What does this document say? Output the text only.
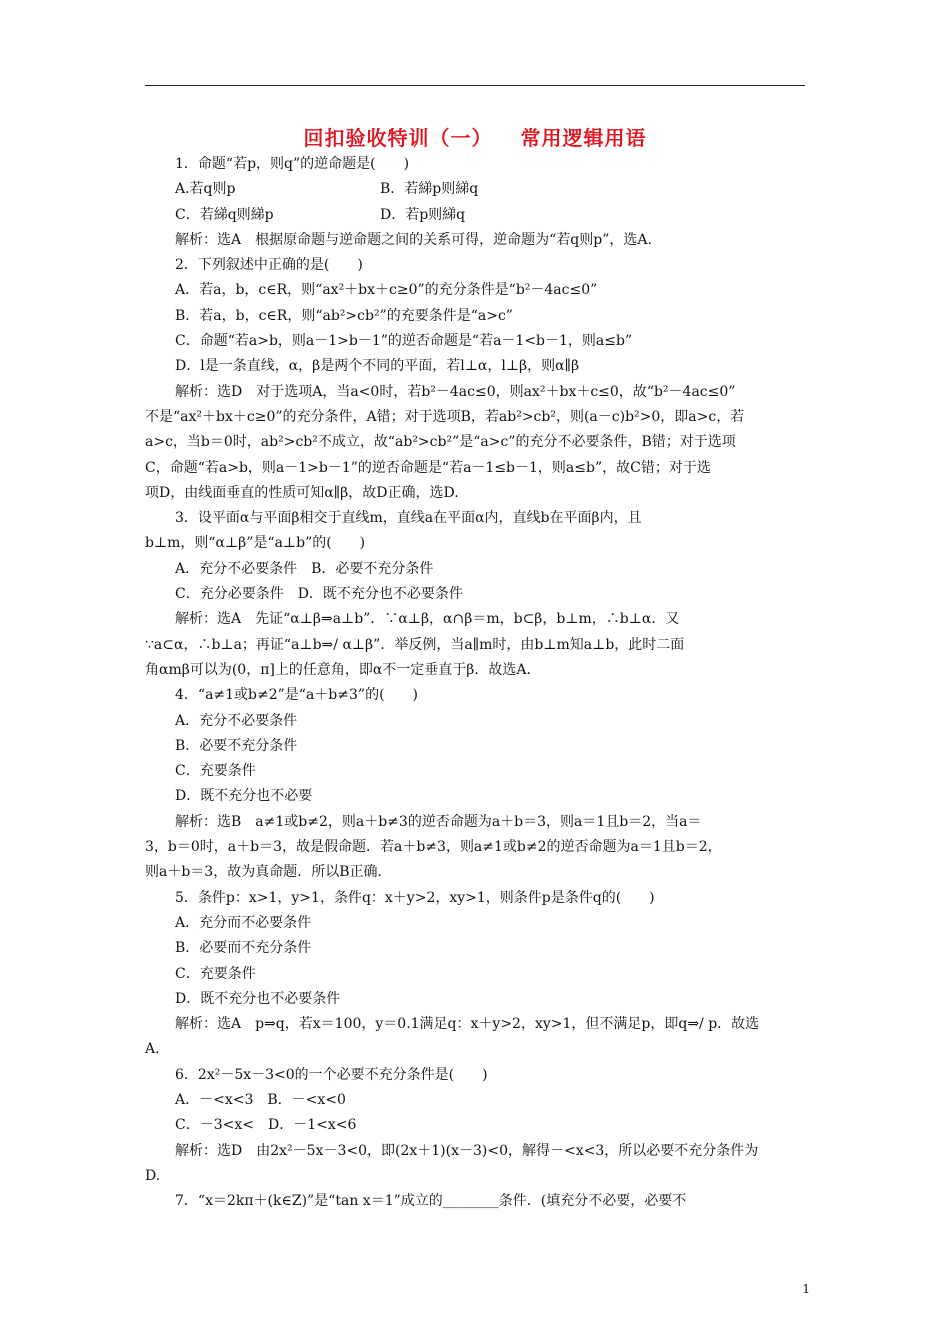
回扣验收特训（一） 常用逻辑用语
1．命题“若p，则q”的逆命题是(　　)
A.若q则p	B．若綈p则綈q
C．若綈q则綈p	D．若p则綈q
解析：选A　根据原命题与逆命题之间的关系可得，逆命题为“若q则p”，选A.
2．下列叙述中正确的是(　　)
A．若a，b，c∈R，则“ax²＋bx＋c≥0”的充分条件是“b²－4ac≤0”
B．若a，b，c∈R，则“ab²>cb²”的充要条件是“a>c”
C．命题“若a>b，则a－1>b－1”的逆否命题是“若a－1<b－1，则a≤b”
D．l是一条直线，α，β是两个不同的平面，若l⊥α，l⊥β，则α∥β
解析：选D　对于选项A，当a<0时，若b²－4ac≤0，则ax²＋bx＋c≤0，故“b²－4ac≤0”
不是“ax²＋bx＋c≥0”的充分条件，A错；对于选项B，若ab²>cb²，则(a－c)b²>0，即a>c，若
a>c，当b＝0时，ab²>cb²不成立，故“ab²>cb²”是“a>c”的充分不必要条件，B错；对于选项
C，命题“若a>b，则a－1>b－1”的逆否命题是“若a－1≤b－1，则a≤b”，故C错；对于选
项D，由线面垂直的性质可知α∥β，故D正确，选D.
3．设平面α与平面β相交于直线m，直线a在平面α内，直线b在平面β内，且
b⊥m，则“α⊥β”是“a⊥b”的(　　)
A．充分不必要条件　B．必要不充分条件
C．充分必要条件　D．既不充分也不必要条件
解析：选A　先证“α⊥β⇒a⊥b”．∵α⊥β，α∩β＝m，b⊂β，b⊥m，∴b⊥α．又
∵a⊂α，∴b⊥a；再证“a⊥b⇒/ α⊥β”．举反例，当a∥m时，由b⊥m知a⊥b，此时二面
角αmβ可以为(0，π]上的任意角，即α不一定垂直于β．故选A.
4．“a≠1或b≠2”是“a＋b≠3”的(　　)
A．充分不必要条件
B．必要不充分条件
C．充要条件
D．既不充分也不必要
解析：选B　a≠1或b≠2，则a＋b≠3的逆否命题为a＋b＝3，则a＝1且b＝2，当a＝
3，b＝0时，a＋b＝3，故是假命题．若a＋b≠3，则a≠1或b≠2的逆否命题为a＝1且b＝2，
则a＋b＝3，故为真命题．所以B正确．
5．条件p：x>1，y>1，条件q：x＋y>2，xy>1，则条件p是条件q的(　　)
A．充分而不必要条件
B．必要而不充分条件
C．充要条件
D．既不充分也不必要条件
解析：选A　p⇒q，若x＝100，y＝0.1满足q：x＋y>2，xy>1，但不满足p，即q⇒/ p．故选
A.
6．2x²－5x－3<0的一个必要不充分条件是(　　)
A．－<x<3　B．－<x<0
C．－3<x<　D．－1<x<6
解析：选D　由2x²－5x－3<0，即(2x＋1)(x－3)<0，解得－<x<3，所以必要不充分条件为
D.
7．“x＝2kπ＋(k∈Z)”是“tan x＝1”成立的________条件．(填充分不必要，必要不
1
